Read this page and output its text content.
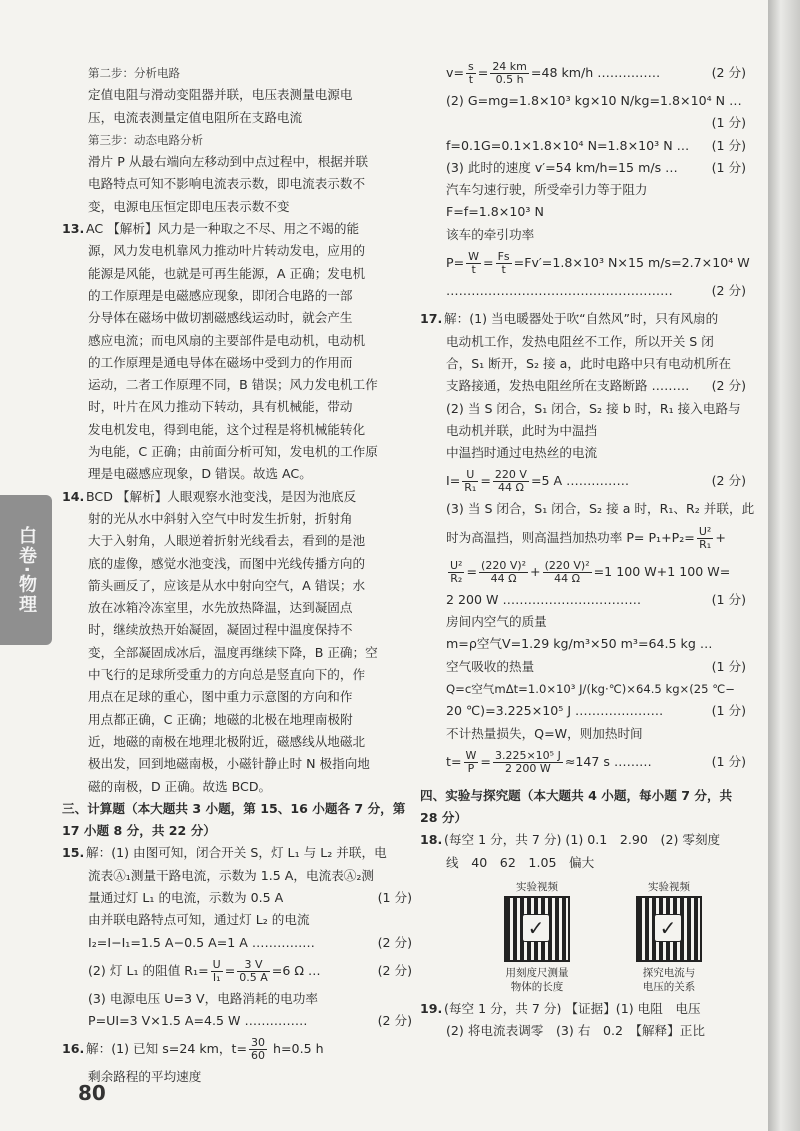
白卷·物理
第二步：分析电路
定值电阻与滑动变阻器并联，电压表测量电源电
压，电流表测量定值电阻所在支路电流
第三步：动态电路分析
滑片 P 从最右端向左移动到中点过程中，根据并联
电路特点可知不影响电流表示数，即电流表示数不
变，电源电压恒定即电压表示数不变
13. AC 【解析】风力是一种取之不尽、用之不竭的能
源，风力发电机靠风力推动叶片转动发电，应用的
能源是风能，也就是可再生能源，A 正确；发电机
的工作原理是电磁感应现象，即闭合电路的一部
分导体在磁场中做切割磁感线运动时，就会产生
感应电流；而电风扇的主要部件是电动机，电动机
的工作原理是通电导体在磁场中受到力的作用而
运动，二者工作原理不同，B 错误；风力发电机工作
时，叶片在风力推动下转动，具有机械能，带动
发电机发电，得到电能，这个过程是将机械能转化
为电能，C 正确；由前面分析可知，发电机的工作原
理是电磁感应现象，D 错误。故选 AC。
14. BCD 【解析】人眼观察水池变浅，是因为池底反
射的光从水中斜射入空气中时发生折射，折射角
大于入射角，人眼逆着折射光线看去，看到的是池
底的虚像，感觉水池变浅，而图中光线传播方向的
箭头画反了，应该是从水中射向空气，A 错误；水
放在冰箱冷冻室里，水先放热降温，达到凝固点
时，继续放热开始凝固，凝固过程中温度保持不
变，全部凝固成冰后，温度再继续下降，B 正确；空
中飞行的足球所受重力的方向总是竖直向下的，作
用点在足球的重心，图中重力示意图的方向和作
用点都正确，C 正确；地磁的北极在地理南极附
近，地磁的南极在地理北极附近，磁感线从地磁北
极出发，回到地磁南极，小磁针静止时 N 极指向地
磁的南极，D 正确。故选 BCD。
三、计算题（本大题共 3 小题，第 15、16 小题各 7 分，第
17 小题 8 分，共 22 分）
15. 解：(1) 由图可知，闭合开关 S，灯 L₁ 与 L₂ 并联，电
流表Ⓐ₁测量干路电流，示数为 1.5 A，电流表Ⓐ₂测
量通过灯 L₁ 的电流，示数为 0.5 A	(1 分)
由并联电路特点可知，通过灯 L₂ 的电流
I₂=I−I₁=1.5 A−0.5 A=1 A ……………	(2 分)
(2) 灯 L₁ 的阻值 $R_1= \frac{U}{\text{I₁}} = \frac{3 V}{0.5 A} =6$ Ω …	(2 分)
(3) 电源电压 U=3 V，电路消耗的电功率
P=UI=3 V×1.5 A=4.5 W ……………	(2 分)
16. 解：(1) 已知 s=24 km，$t= \frac{30}{60} h=0.5$ h
剩余路程的平均速度
$v= \frac{s}{t} = \frac{24 km}{0.5 h} =48$ km/h ……………	(2 分)
(2) G=mg=1.8×10³ kg×10 N/kg=1.8×10⁴ N …
(1 分)

f=0.1G=0.1×1.8×10⁴ N=1.8×10³ N … (1 分)
(3) 此时的速度 v′=54 km/h=15 m/s …	(1 分)
汽车匀速行驶，所受牵引力等于阻力
F=f=1.8×10³ N
该车的牵引功率
$P= \frac{W}{t} = \frac{Fs}{t} =Fv'=1.8\times 10^3$ N×15 m/s=2.7×10⁴ W
………………………………………………	(2 分)
17. 解：(1) 当电暖器处于吹“自然风”时，只有风扇的
电动机工作，发热电阻丝不工作，所以开关 S 闭
合，S₁ 断开，S₂ 接 a，此时电路中只有电动机所在
支路接通，发热电阻丝所在支路断路 ……… (2 分)
(2) 当 S 闭合，S₁ 闭合，S₂ 接 b 时，R₁ 接入电路与
电动机并联，此时为中温挡
中温挡时通过电热丝的电流
$I= \frac{U}{\text{R₁}} = \frac{220 V}{44 \Omega} =5$ A ……………	(2 分)
(3) 当 S 闭合，S₁ 闭合，S₂ 接 a 时，R₁、R₂ 并联，此
时为高温挡，则高温挡加热功率 $P= P_1+P_2= \frac{\text{U²}}{\text{R₁}}$ +
$\frac{\text{U²}}{\text{R₂}} = \frac{\text{(220 V)²}}{44 \Omega} + \frac{\text{(220 V)²}}{44 \Omega} =1$ 100 W+1 100 W=
2 200 W ……………………………	(1 分)
房间内空气的质量
m=ρ空气V=1.29 kg/m³×50 m³=64.5 kg …
(1 分)
空气吸收的热量
Q=c空气mΔt=1.0×10³ J/(kg·℃)×64.5 kg×(25 ℃−
20 ℃)=3.225×10⁵ J …………………	(1 分)
不计热量损失，Q=W，则加热时间
$t= \frac{W}{P} = \frac{\text{3.225×10⁵ J}}{2 200 W} \approx 147$ s ………	(1 分)
四、实验与探究题（本大题共 4 小题，每小题 7 分，共
28 分）
18. (每空 1 分，共 7 分) (1) 0.1　2.90　(2) 零刻度
线　40　62　1.05　偏大
实验视频
✓
用刻度尺测量
物体的长度
实验视频
✓
探究电流与
电压的关系
19. (每空 1 分，共 7 分) 【证据】(1) 电阻　电压
(2) 将电流表调零　(3) 右　0.2　【解释】正比
80
